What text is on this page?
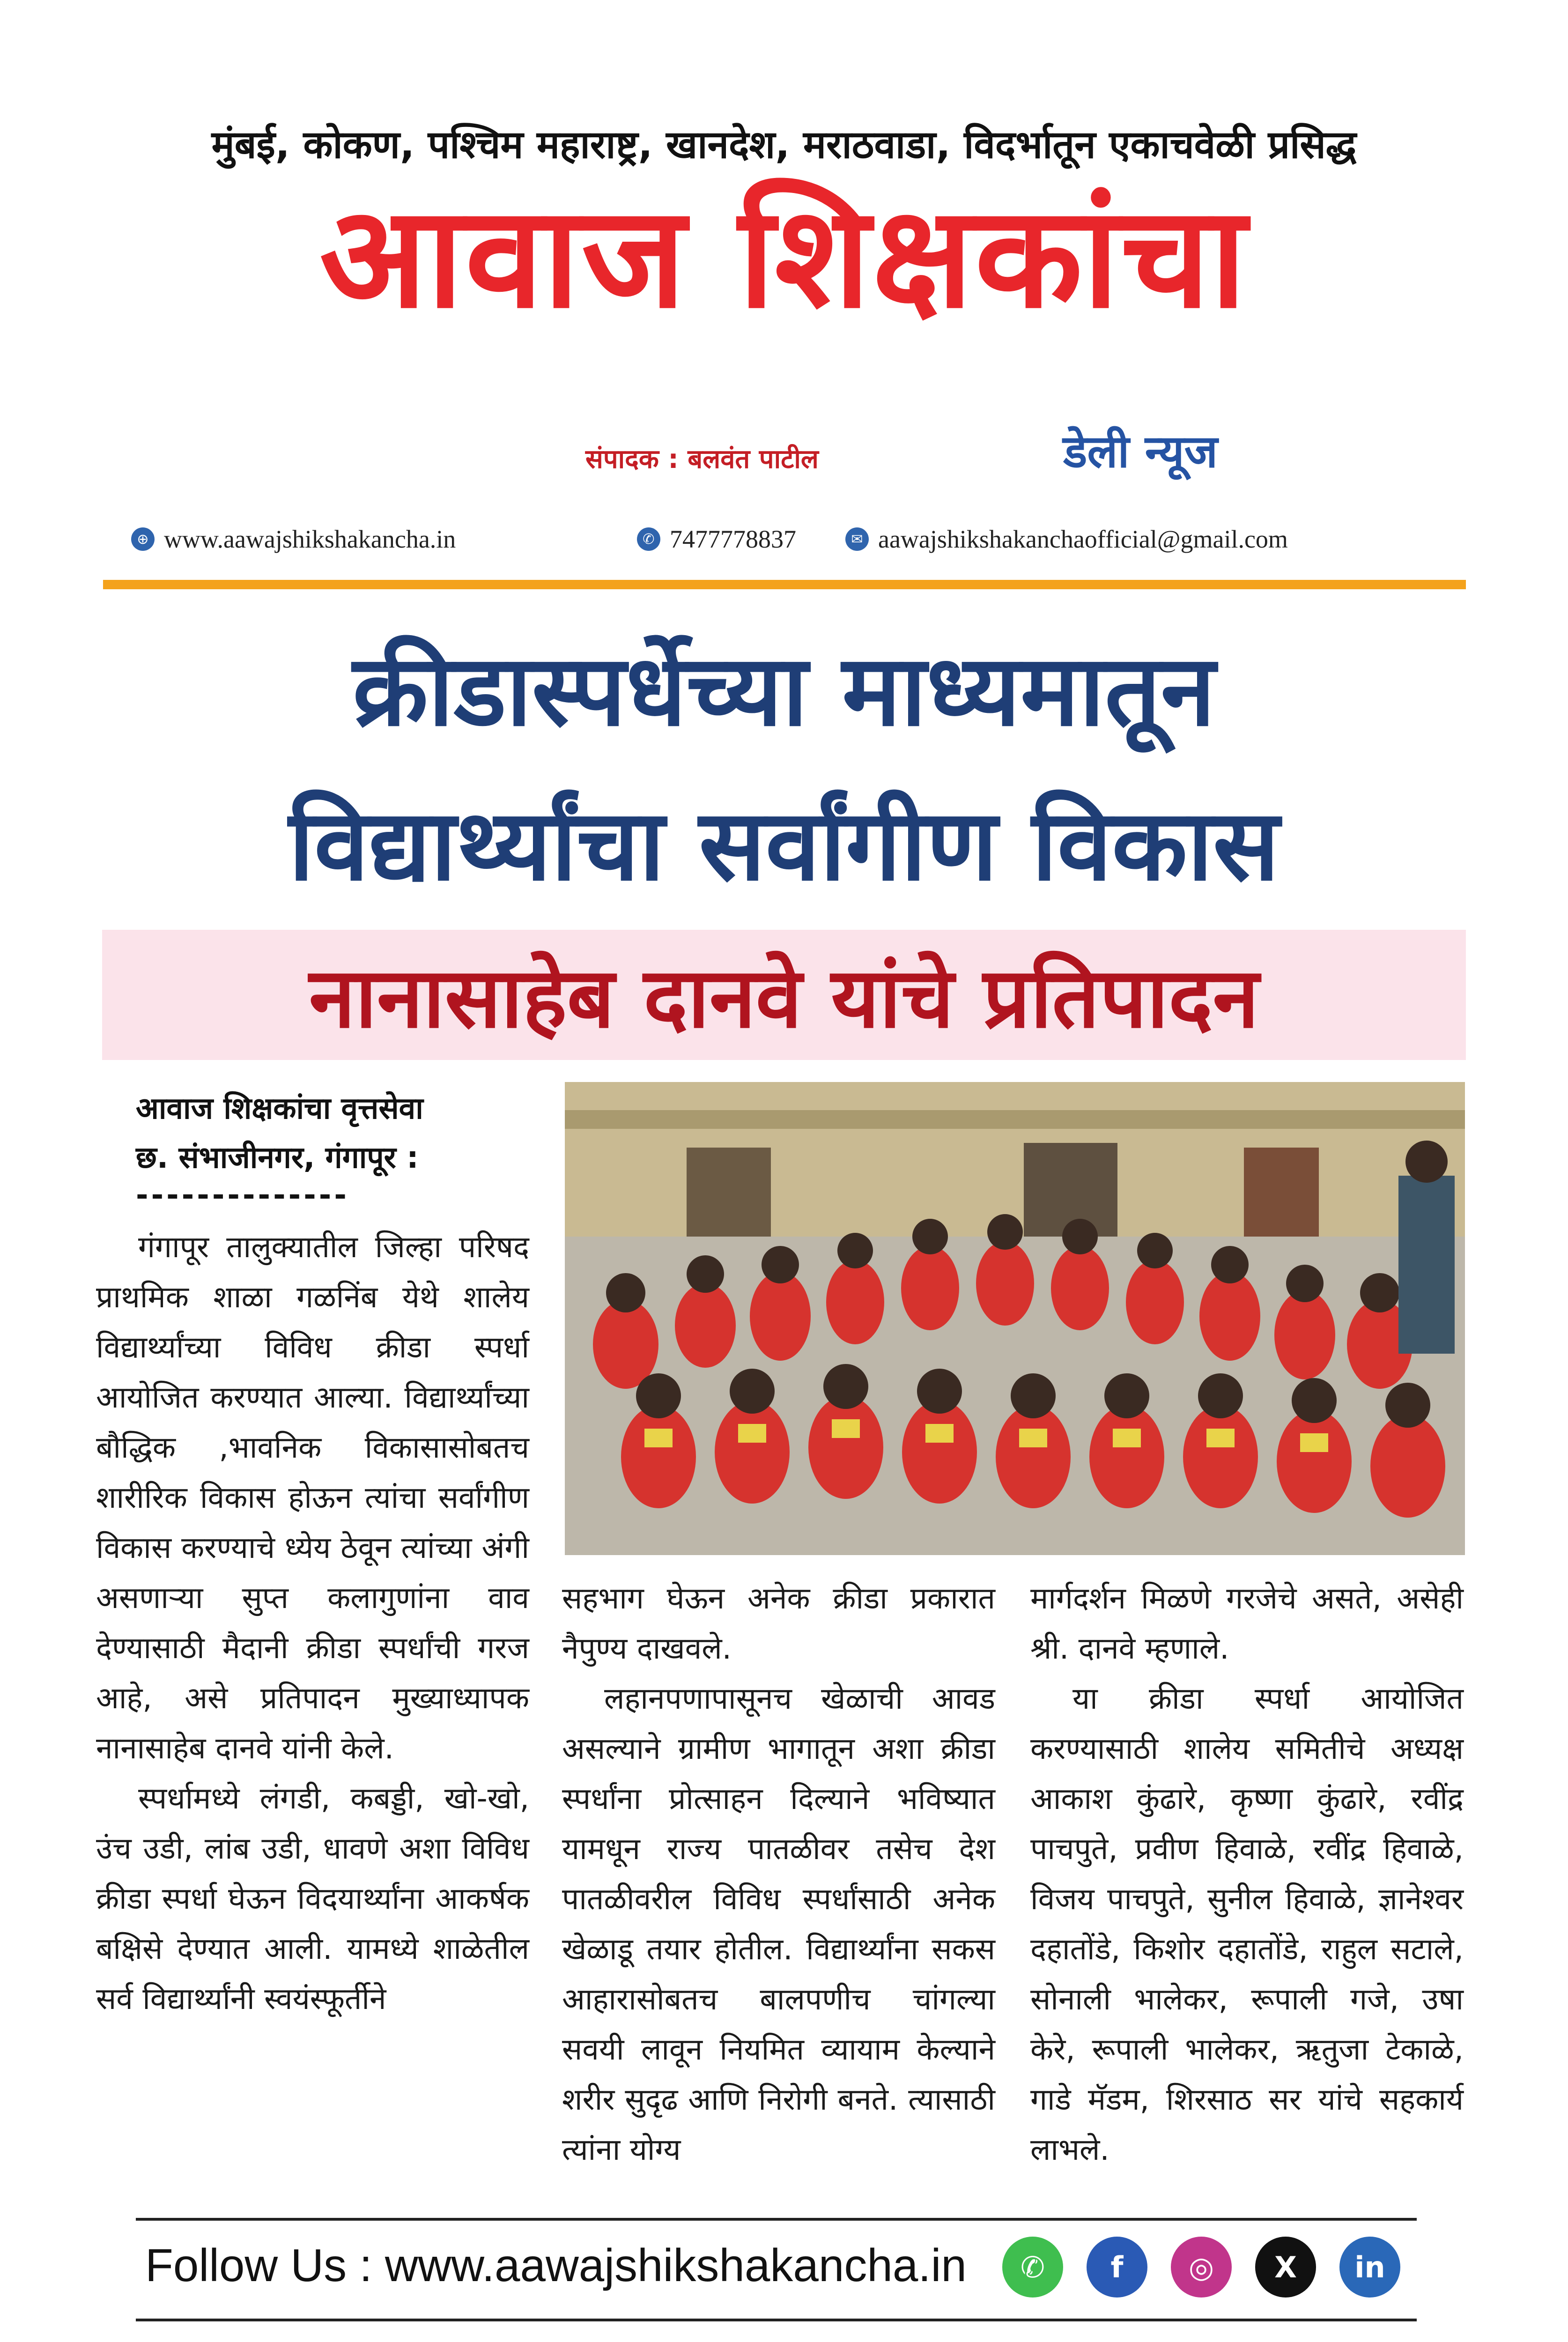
मुंबई, कोकण, पश्चिम महाराष्ट्र, खानदेश, मराठवाडा, विदर्भातून एकाचवेळी प्रसिद्ध
आवाज शिक्षकांचा
संपादक : बलवंत पाटील	डेली न्यूज
⊕ www.aawajshikshakancha.in	✆ 7477778837	✉ aawajshikshakanchaofficial@gmail.com
क्रीडास्पर्धेच्या माध्यमातून
विद्यार्थ्यांचा सर्वांगीण विकास
नानासाहेब दानवे यांचे प्रतिपादन
आवाज शिक्षकांचा वृत्तसेवा
छ. संभाजीनगर, गंगापूर :
--------------

गंगापूर तालुक्यातील जिल्हा परिषद प्राथमिक शाळा गळनिंब येथे शालेय विद्यार्थ्यांच्या विविध क्रीडा स्पर्धा आयोजित करण्यात आल्या. विद्यार्थ्यांच्या बौद्धिक ,भावनिक विकासासोबतच शारीरिक विकास होऊन त्यांचा सर्वांगीण विकास करण्याचे ध्येय ठेवून त्यांच्या अंगी असणाऱ्या सुप्त कलागुणांना वाव देण्यासाठी मैदानी क्रीडा स्पर्धांची गरज आहे, असे प्रतिपादन मुख्याध्यापक नानासाहेब दानवे यांनी केले.

स्पर्धामध्ये लंगडी, कबड्डी, खो-खो, उंच उडी, लांब उडी, धावणे अशा विविध क्रीडा स्पर्धा घेऊन विदयार्थ्यांना आकर्षक बक्षिसे देण्यात आली. यामध्ये शाळेतील सर्व विद्यार्थ्यांनी स्वयंस्फूर्तीने

सहभाग घेऊन अनेक क्रीडा प्रकारात नैपुण्य दाखवले.

लहानपणापासूनच खेळाची आवड असल्याने ग्रामीण भागातून अशा क्रीडा स्पर्धांना प्रोत्साहन दिल्याने भविष्यात यामधून राज्य पातळीवर तसेच देश पातळीवरील विविध स्पर्धांसाठी अनेक खेळाडू तयार होतील. विद्यार्थ्यांना सकस आहारासोबतच बालपणीच चांगल्या सवयी लावून नियमित व्यायाम केल्याने शरीर सुदृढ आणि निरोगी बनते. त्यासाठी त्यांना योग्य

मार्गदर्शन मिळणे गरजेचे असते, असेही श्री. दानवे म्हणाले.

या क्रीडा स्पर्धा आयोजित करण्यासाठी शालेय समितीचे अध्यक्ष आकाश कुंढारे, कृष्णा कुंढारे, रवींद्र पाचपुते, प्रवीण हिवाळे, रवींद्र हिवाळे, विजय पाचपुते, सुनील हिवाळे, ज्ञानेश्वर दहातोंडे, किशोर दहातोंडे, राहुल सटाले, सोनाली भालेकर, रूपाली गजे, उषा केरे, रूपाली भालेकर, ऋतुजा टेकाळे, गाडे मॅडम, शिरसाठ सर यांचे सहकार्य लाभले.

Follow Us : www.aawajshikshakancha.in	✆	f	◎	X	in
